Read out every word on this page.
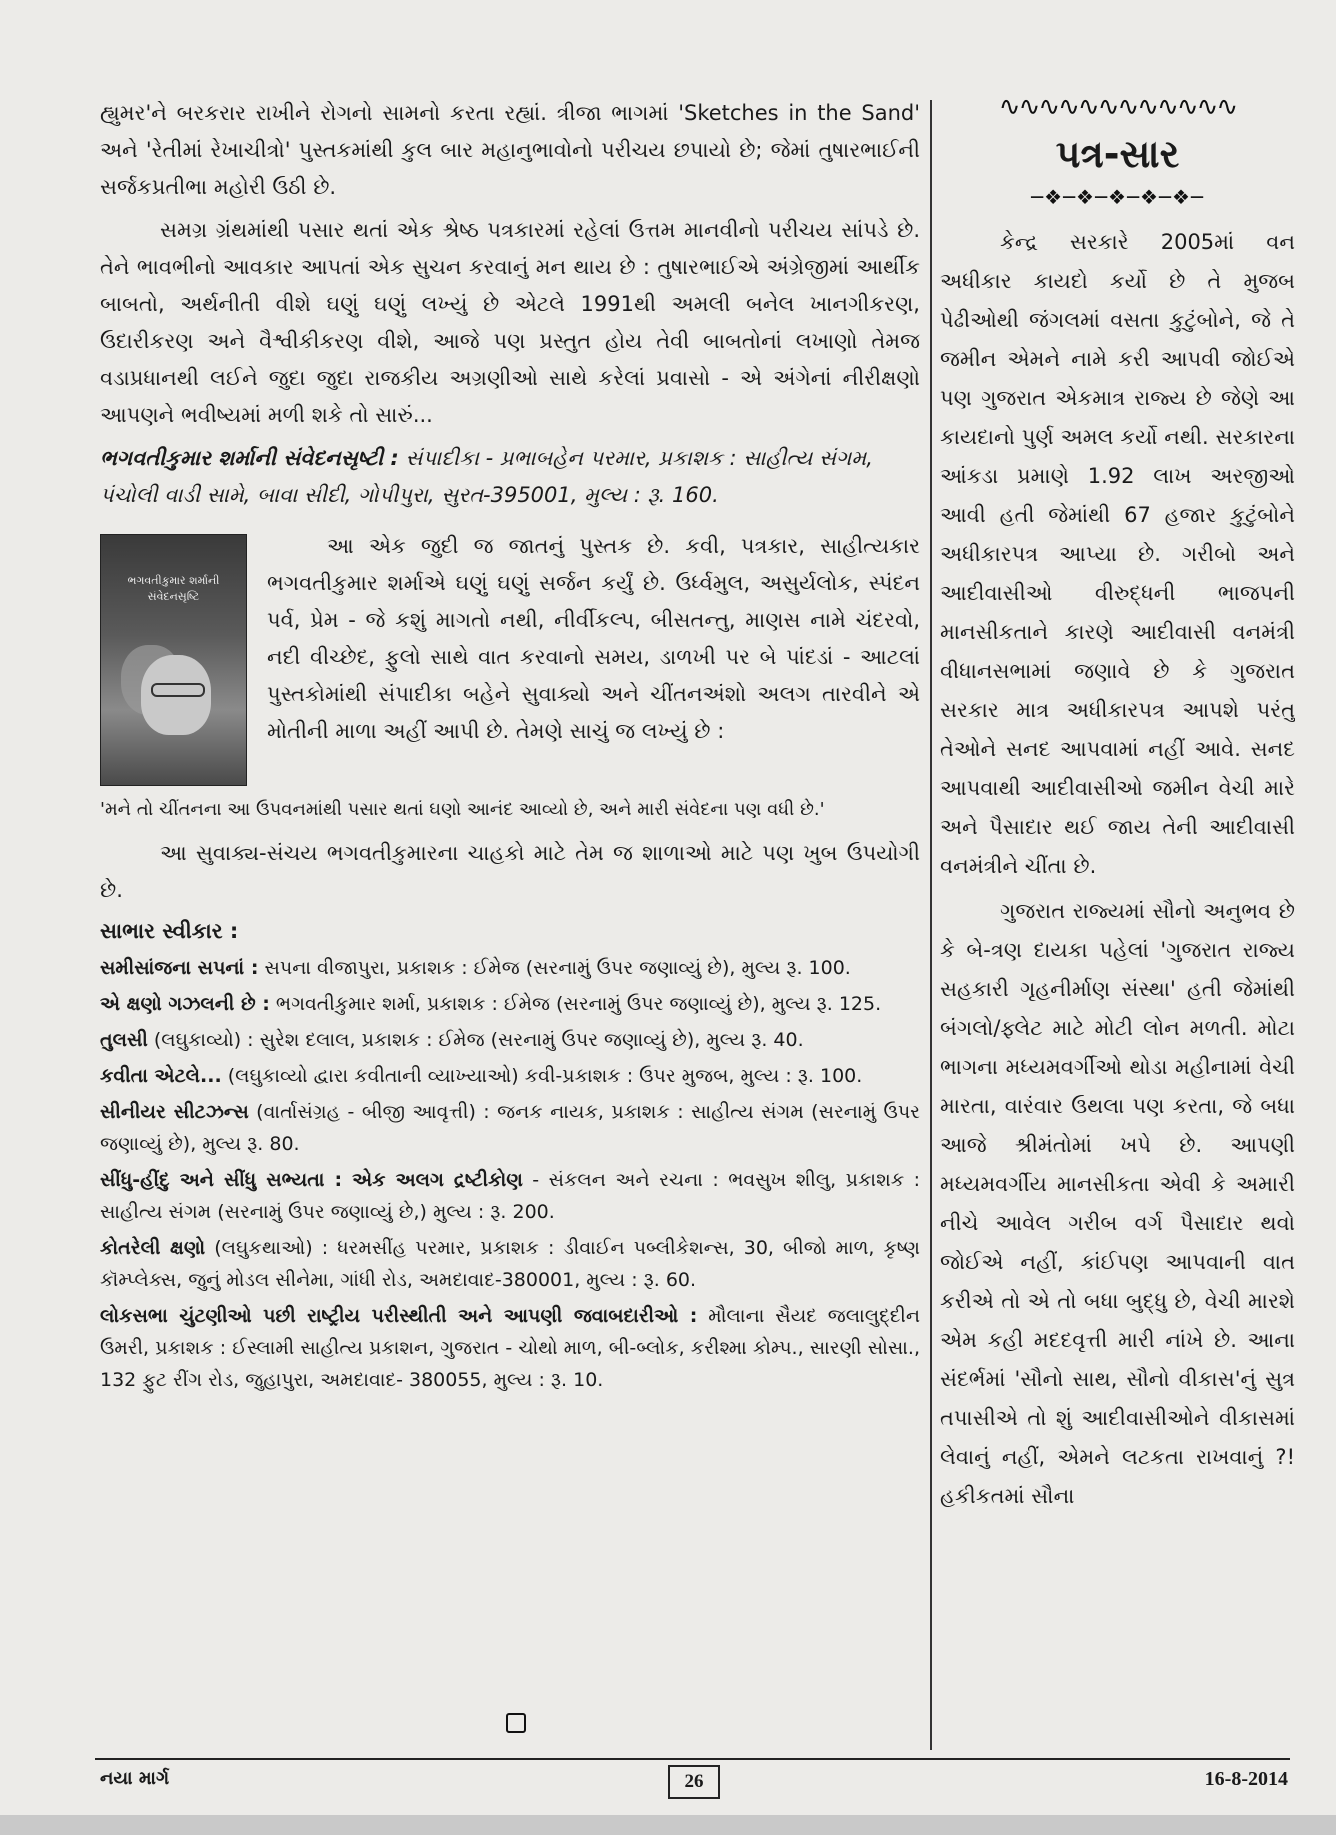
હ્યુમર'ને બરકરાર રાખીને રોગનો સામનો કરતા રહ્યાં. ત્રીજા ભાગમાં 'Sketches in the Sand' અને 'રેતીમાં રેખાચીત્રો' પુસ્તકમાંથી કુલ બાર મહાનુભાવોનો પરીચય છપાયો છે; જેમાં તુષારભાઈની સર્જકપ્રતીભા મહોરી ઉઠી છે.

સમગ્ર ગ્રંથમાંથી પસાર થતાં એક શ્રેષ્ઠ પત્રકારમાં રહેલાં ઉત્તમ માનવીનો પરીચય સાંપડે છે. તેને ભાવભીનો આવકાર આપતાં એક સુચન કરવાનું મન થાય છે : તુષારભાઈએ અંગ્રેજીમાં આર્થીક બાબતો, અર્થનીતી વીશે ઘણું ઘણું લખ્યું છે એટલે 1991થી અમલી બનેલ ખાનગીકરણ, ઉદારીકરણ અને વૈશ્વીકીકરણ વીશે, આજે પણ પ્રસ્તુત હોય તેવી બાબતોનાં લખાણો તેમજ વડાપ્રધાનથી લઈને જુદા જુદા રાજકીય અગ્રણીઓ સાથે કરેલાં પ્રવાસો - એ અંગેનાં નીરીક્ષણો આપણને ભવીષ્યમાં મળી શકે તો સારું...

ભગવતીકુમાર શર્માની સંવેદનસૃષ્ટી : સંપાદીકા - પ્રભાબહેન પરમાર, પ્રકાશક : સાહીત્ય સંગમ, પંચોલી વાડી સામે, બાવા સીદી, ગોપીપુરા, સુરત-395001, મુલ્ય : રૂ. 160.

ભગવતીકુમાર શર્માની સંવેદનસૃષ્ટિ

આ એક જુદી જ જાતનું પુસ્તક છે. કવી, પત્રકાર, સાહીત્યકાર ભગવતીકુમાર શર્માએ ઘણું ઘણું સર્જન કર્યું છે. ઉર્ધ્વમુલ, અસુર્યલોક, સ્પંદન પર્વ, પ્રેમ - જે કશું માગતો નથી, નીર્વીકલ્પ, બીસતન્તુ, માણસ નામે ચંદરવો, નદી વીચ્છેદ, ફુલો સાથે વાત કરવાનો સમય, ડાળખી પર બે પાંદડાં - આટલાં પુસ્તકોમાંથી સંપાદીકા બહેને સુવાક્યો અને ચીંતનઅંશો અલગ તારવીને એ મોતીની માળા અહીં આપી છે. તેમણે સાચું જ લખ્યું છે :

'મને તો ચીંતનના આ ઉપવનમાંથી પસાર થતાં ઘણો આનંદ આવ્યો છે, અને મારી સંવેદના પણ વધી છે.'

આ સુવાક્ય-સંચય ભગવતીકુમારના ચાહકો માટે તેમ જ શાળાઓ માટે પણ ખુબ ઉપયોગી છે.

સાભાર સ્વીકાર :

સમીસાંજના સપનાં : સપના વીજાપુરા, પ્રકાશક : ઈમેજ (સરનામું ઉપર જણાવ્યું છે), મુલ્ય રૂ. 100.

એ ક્ષણો ગઝલની છે : ભગવતીકુમાર શર્મા, પ્રકાશક : ઈમેજ (સરનામું ઉપર જણાવ્યું છે), મુલ્ય રૂ. 125.

તુલસી (લઘુકાવ્યો) : સુરેશ દલાલ, પ્રકાશક : ઈમેજ (સરનામું ઉપર જણાવ્યું છે), મુલ્ય રૂ. 40.

કવીતા એટલે... (લઘુકાવ્યો દ્વારા કવીતાની વ્યાખ્યાઓ) કવી-પ્રકાશક : ઉપર મુજબ, મુલ્ય : રૂ. 100.

સીનીયર સીટઝન્સ (વાર્તાસંગ્રહ - બીજી આવૃત્તી) : જનક નાયક, પ્રકાશક : સાહીત્ય સંગમ (સરનામું ઉપર જણાવ્યું છે), મુલ્ય રૂ. 80.

સીંધુ-હીંદુ અને સીંધુ સભ્યતા : એક અલગ દ્રષ્ટીકોણ - સંકલન અને રચના : ભવસુખ શીલુ, પ્રકાશક : સાહીત્ય સંગમ (સરનામું ઉપર જણાવ્યું છે,) મુલ્ય : રૂ. 200.

કોતરેલી ક્ષણો (લઘુકથાઓ) : ધરમસીંહ પરમાર, પ્રકાશક : ડીવાઈન પબ્લીકેશન્સ, 30, બીજો માળ, કૃષ્ણ કૉમ્પ્લેક્સ, જુનું મોડલ સીનેમા, ગાંધી રોડ, અમદાવાદ-380001, મુલ્ય : રૂ. 60.

લોકસભા ચુંટણીઓ પછી રાષ્ટ્રીય પરીસ્થીતી અને આપણી જવાબદારીઓ : મૌલાના સૈયદ જલાલુદ્દીન ઉમરી, પ્રકાશક : ઈસ્લામી સાહીત્ય પ્રકાશન, ગુજરાત - ચોથો માળ, બી-બ્લોક, કરીશ્મા કોમ્પ., સારણી સોસા., 132 ફુટ રીંગ રોડ, જુહાપુરા, અમદાવાદ- 380055, મુલ્ય : રૂ. 10.

∿∿∿∿∿∿∿∿∿∿∿∿
પત્ર-સાર
─❖─❖─❖─❖─❖─

કેન્દ્ર સરકારે 2005માં વન અધીકાર કાયદો કર્યો છે તે મુજબ પેઢીઓથી જંગલમાં વસતા કુટુંબોને, જે તે જમીન એમને નામે કરી આપવી જોઈએ પણ ગુજરાત એકમાત્ર રાજ્ય છે જેણે આ કાયદાનો પુર્ણ અમલ કર્યો નથી. સરકારના આંકડા પ્રમાણે 1.92 લાખ અરજીઓ આવી હતી જેમાંથી 67 હજાર કુટુંબોને અધીકારપત્ર આપ્યા છે. ગરીબો અને આદીવાસીઓ વીરુદ્ધની ભાજપની માનસીકતાને કારણે આદીવાસી વનમંત્રી વીધાનસભામાં જણાવે છે કે ગુજરાત સરકાર માત્ર અધીકારપત્ર આપશે પરંતુ તેઓને સનદ આપવામાં નહીં આવે. સનદ આપવાથી આદીવાસીઓ જમીન વેચી મારે અને પૈસાદાર થઈ જાય તેની આદીવાસી વનમંત્રીને ચીંતા છે.

ગુજરાત રાજ્યમાં સૌનો અનુભવ છે કે બે-ત્રણ દાયકા પહેલાં 'ગુજરાત રાજ્ય સહકારી ગૃહનીર્માણ સંસ્થા' હતી જેમાંથી બંગલો/ફ્લેટ માટે મોટી લોન મળતી. મોટા ભાગના મધ્યમવર્ગીઓ થોડા મહીનામાં વેચી મારતા, વારંવાર ઉથલા પણ કરતા, જે બધા આજે શ્રીમંતોમાં ખપે છે. આપણી મધ્યમવર્ગીય માનસીકતા એવી કે અમારી નીચે આવેલ ગરીબ વર્ગ પૈસાદાર થવો જોઈએ નહીં, કાંઈપણ આપવાની વાત કરીએ તો એ તો બધા બુદ્ધુ છે, વેચી મારશે એમ કહી મદદવૃત્તી મારી નાંખે છે. આના સંદર્ભમાં 'સૌનો સાથ, સૌનો વીકાસ'નું સુત્ર તપાસીએ તો શું આદીવાસીઓને વીકાસમાં લેવાનું નહીં, એમને લટકતા રાખવાનું ?! હકીકતમાં સૌના

નયા માર્ગ	26	16-8-2014
